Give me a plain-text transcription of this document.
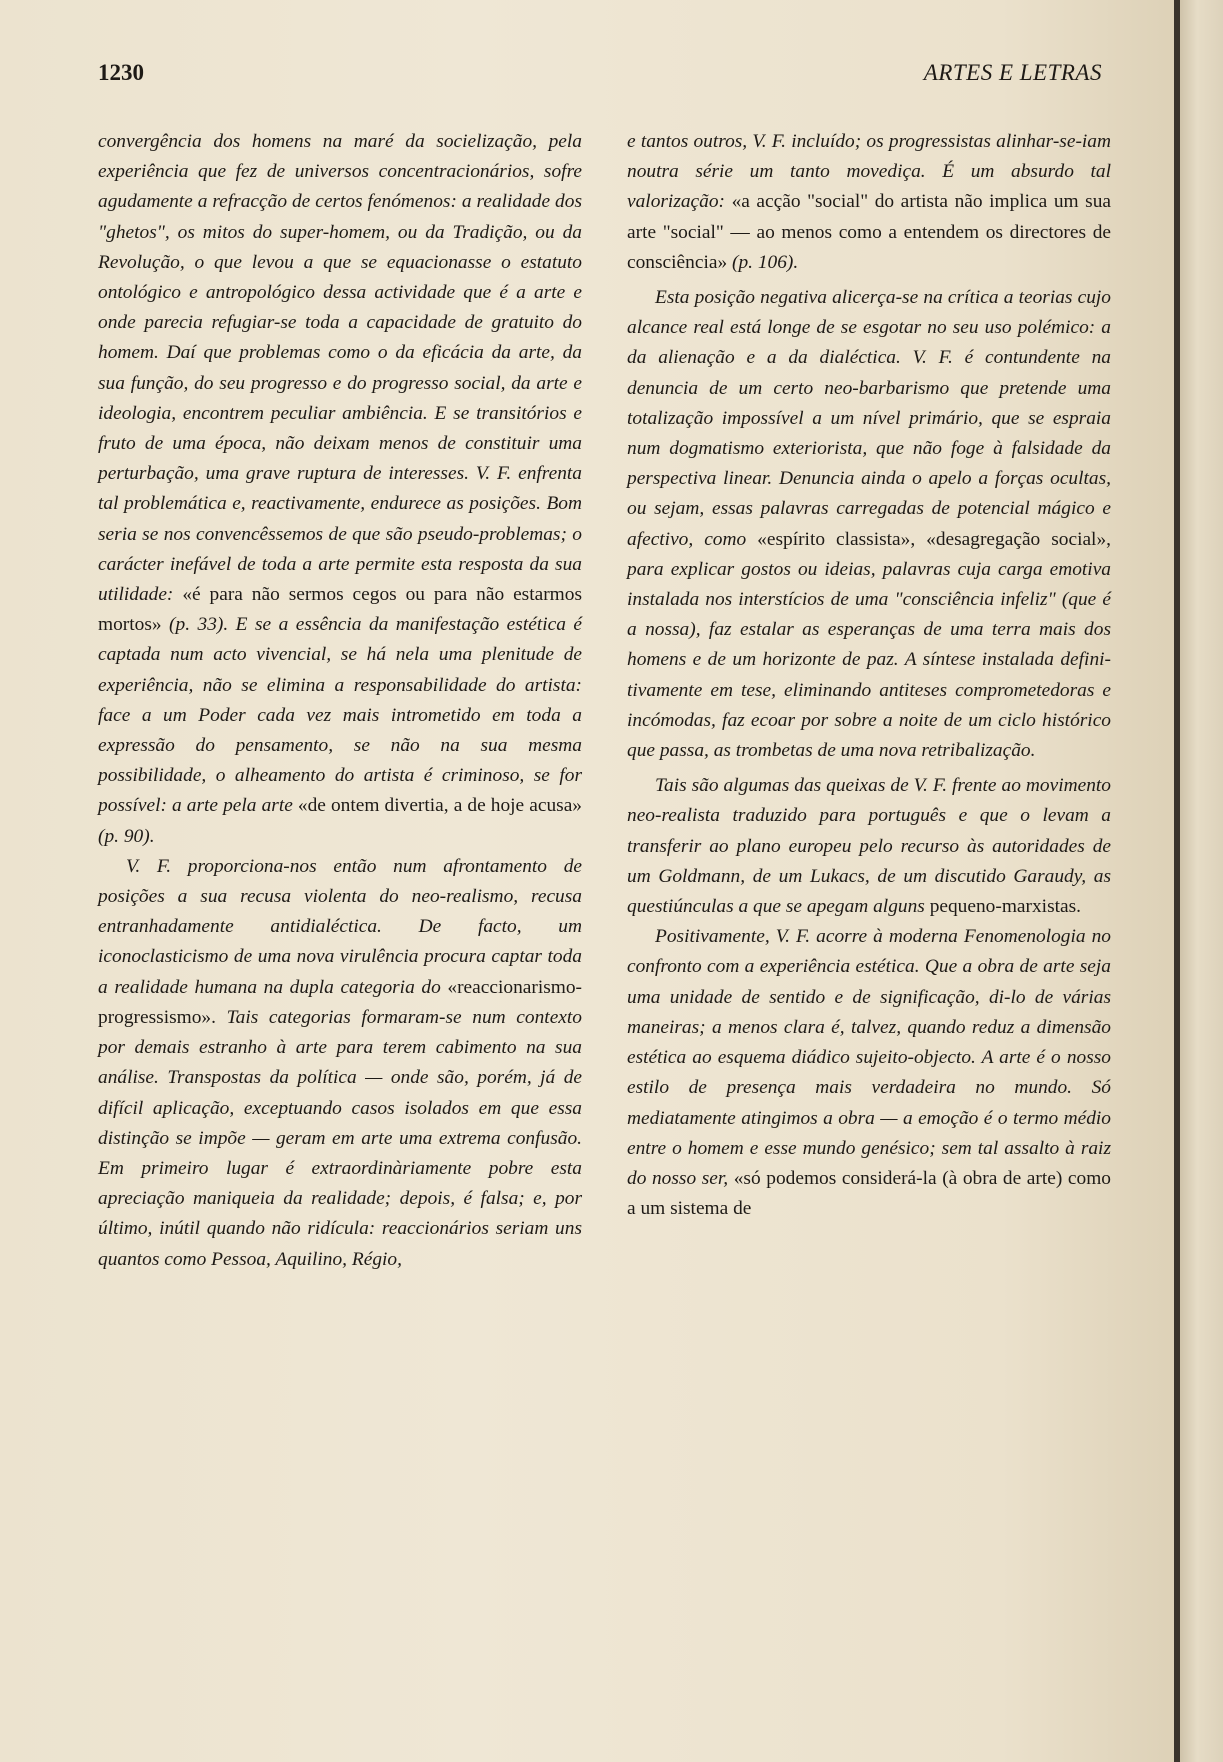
1230	ARTES E LETRAS

convergência dos homens na maré da socielização, pela experiência que fez de universos concentracionários, sofre agudamente a refracção de certos fenómenos: a realidade dos "ghetos", os mitos do super-homem, ou da Tradição, ou da Revolução, o que levou a que se equacionasse o estatuto ontológico e antropológico dessa actividade que é a arte e onde parecia refugiar-se toda a capacidade de gratuito do homem. Daí que problemas como o da eficácia da arte, da sua função, do seu progresso e do progresso social, da arte e ideologia, encontrem peculiar ambiência. E se transitórios e fruto de uma época, não deixam menos de constituir uma perturbação, uma grave ruptura de interesses. V. F. enfrenta tal problemática e, reactivamente, endurece as posições. Bom seria se nos convencêssemos de que são pseudo-problemas; o carácter inefável de toda a arte permite esta resposta da sua utilidade: «é para não sermos cegos ou para não estarmos mortos» (p. 33). E se a essência da manifestação estética é captada num acto vivencial, se há nela uma plenitude de experiência, não se elimina a responsabilidade do artista: face a um Poder cada vez mais intrometido em toda a expressão do pensamento, se não na sua mesma possibilidade, o alheamento do artista é criminoso, se for possível: a arte pela arte «de ontem divertia, a de hoje acusa» (p. 90).

V. F. proporciona-nos então num afrontamento de posições a sua recusa violenta do neo-realismo, recusa entranhadamente antidialéctica. De facto, um iconoclasticismo de uma nova virulência procura captar toda a realidade humana na dupla categoria do «reaccionarismo-progressismo». Tais categorias formaram-se num contexto por demais estranho à arte para terem cabimento na sua análise. Transpostas da política — onde são, porém, já de difícil aplicação, exceptuando casos isolados em que essa distinção se impõe — geram em arte uma extrema confusão. Em primeiro lugar é extraordinàriamente pobre esta apreciação maniqueia da realidade; depois, é falsa; e, por último, inútil quando não ridícula: reaccionários seriam uns quantos como Pessoa, Aquilino, Régio,

e tantos outros, V. F. incluído; os progressistas alinhar-se-iam noutra série um tanto movediça. É um absurdo tal valorização: «a acção "social" do artista não implica um sua arte "social" — ao menos como a entendem os directores de consciência» (p. 106).

Esta posição negativa alicerça-se na crítica a teorias cujo alcance real está longe de se esgotar no seu uso polémico: a da alienação e a da dialéctica. V. F. é contundente na denuncia de um certo neo-barbarismo que pretende uma totalização impossível a um nível primário, que se espraia num dogmatismo exteriorista, que não foge à falsidade da perspectiva linear. Denuncia ainda o apelo a forças ocultas, ou sejam, essas palavras carregadas de potencial mágico e afectivo, como «espírito classista», «desagregação social», para explicar gostos ou ideias, palavras cuja carga emotiva instalada nos interstícios de uma "consciência infeliz" (que é a nossa), faz estalar as esperanças de uma terra mais dos homens e de um horizonte de paz. A síntese instalada definitivamente em tese, eliminando antiteses comprometedoras e incómodas, faz ecoar por sobre a noite de um ciclo histórico que passa, as trombetas de uma nova retribalização.

Tais são algumas das queixas de V. F. frente ao movimento neo-realista traduzido para português e que o levam a transferir ao plano europeu pelo recurso às autoridades de um Goldmann, de um Lukacs, de um discutido Garaudy, as questiúnculas a que se apegam alguns pequeno-marxistas.

Positivamente, V. F. acorre à moderna Fenomenologia no confronto com a experiência estética. Que a obra de arte seja uma unidade de sentido e de significação, di-lo de várias maneiras; a menos clara é, talvez, quando reduz a dimensão estética ao esquema diádico sujeito-objecto. A arte é o nosso estilo de presença mais verdadeira no mundo. Só mediatamente atingimos a obra — a emoção é o termo médio entre o homem e esse mundo genésico; sem tal assalto à raiz do nosso ser, «só podemos considerá-la (à obra de arte) como a um sistema de
